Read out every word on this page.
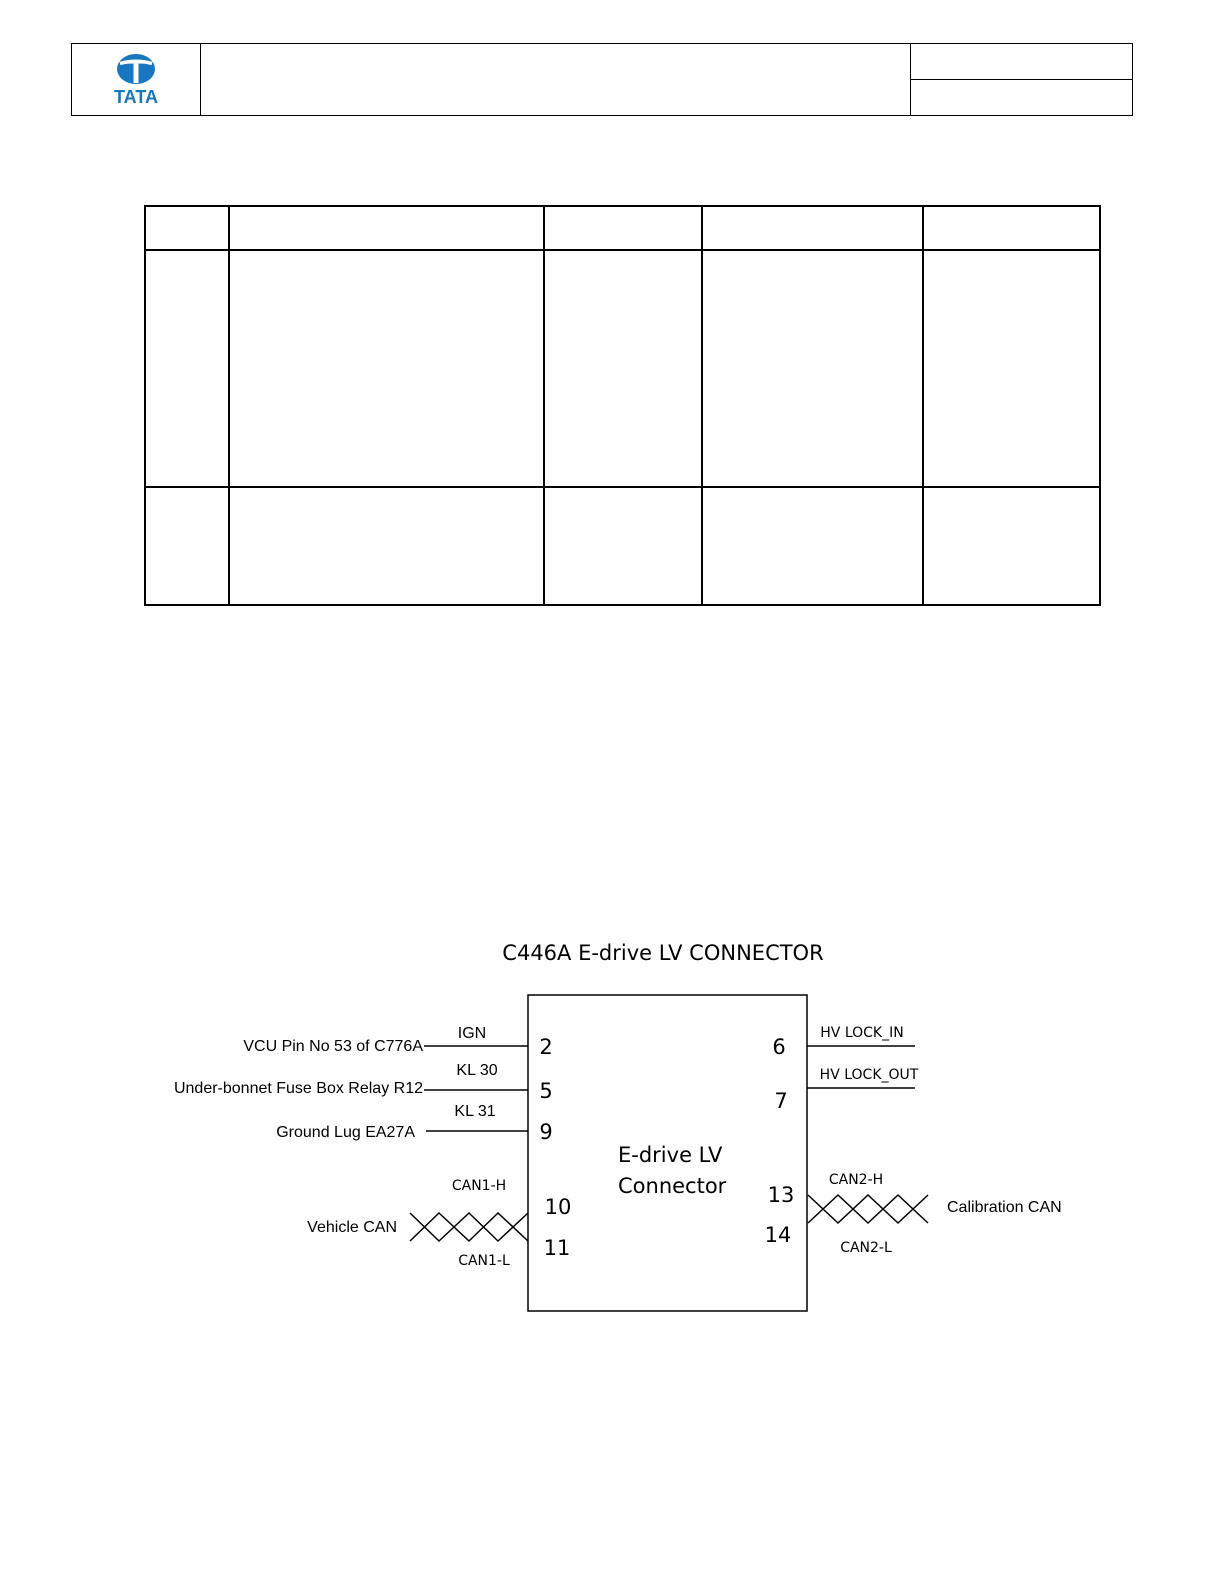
TATA

C446A E-drive LV CONNECTOR
E-drive LV
Connector
VCU Pin No 53 of C776A
IGN
2
Under-bonnet Fuse Box Relay R12
KL 30
5
Ground Lug EA27A
KL 31
9
Vehicle CAN
CAN1-H
CAN1-L
10
11
HV LOCK_IN
6
HV LOCK_OUT
7
Calibration CAN
CAN2-H
CAN2-L
13
14
